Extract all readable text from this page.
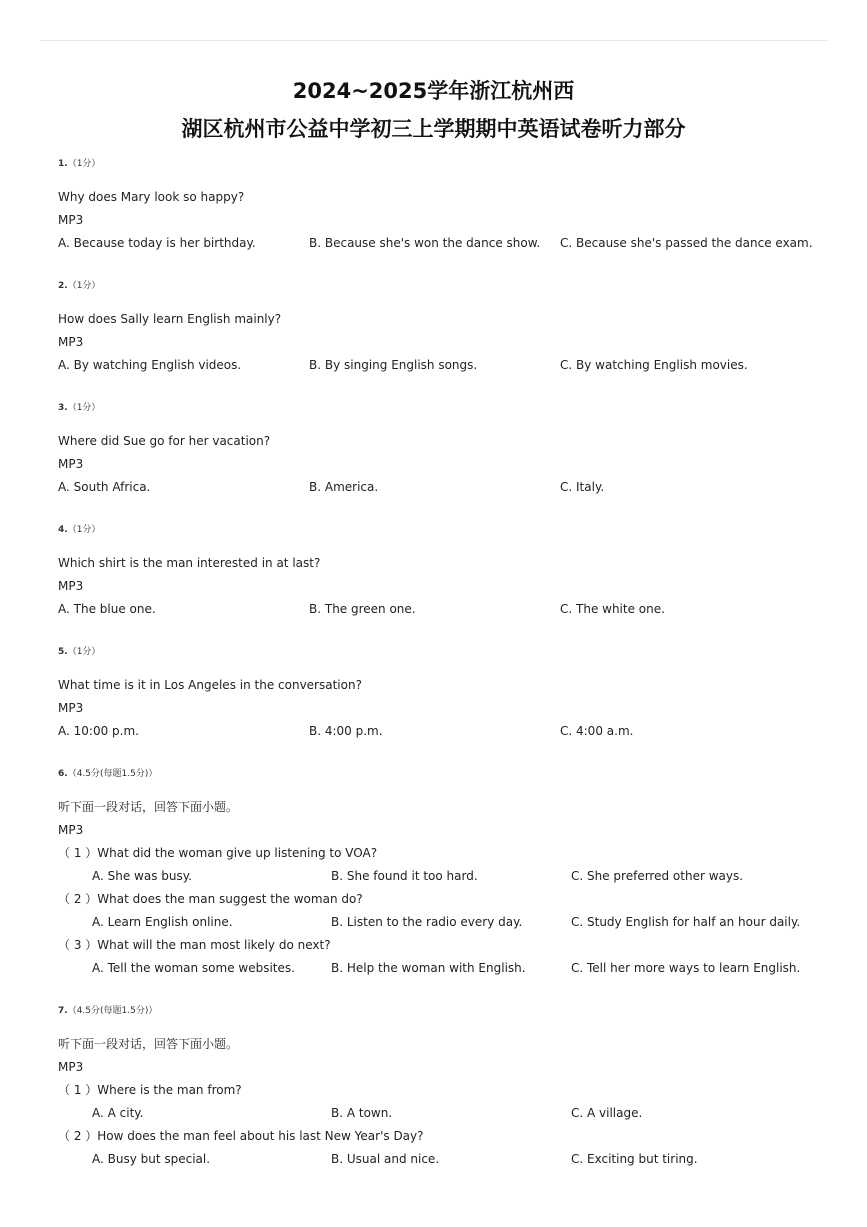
2024~2025学年浙江杭州西
湖区杭州市公益中学初三上学期期中英语试卷听力部分
1.（1分）
Why does Mary look so happy?
MP3
A. Because today is her birthday.	B. Because she's won the dance show. C. Because she's passed the dance exam.
2.（1分）
How does Sally learn English mainly?
MP3
A. By watching English videos.	B. By singing English songs.	C. By watching English movies.
3.（1分）
Where did Sue go for her vacation?
MP3
A. South Africa.	B. America.	C. Italy.
4.（1分）
Which shirt is the man interested in at last?
MP3
A. The blue one.	B. The green one.	C. The white one.
5.（1分）
What time is it in Los Angeles in the conversation?
MP3
A. 10:00 p.m.	B. 4:00 p.m.	C. 4:00 a.m.
6.（4.5分(每题1.5分)）
听下面一段对话，回答下面小题。
MP3
（ 1 ）What did the woman give up listening to VOA?
A. She was busy.	B. She found it too hard.	C. She preferred other ways.
（ 2 ）What does the man suggest the woman do?
A. Learn English online.	B. Listen to the radio every day.	C. Study English for half an hour daily.
（ 3 ）What will the man most likely do next?
A. Tell the woman some websites.	B. Help the woman with English.	C. Tell her more ways to learn English.
7.（4.5分(每题1.5分)）
听下面一段对话，回答下面小题。
MP3
（ 1 ）Where is the man from?
A. A city.	B. A town.	C. A village.
（ 2 ）How does the man feel about his last New Year's Day?
A. Busy but special.	B. Usual and nice.	C. Exciting but tiring.
